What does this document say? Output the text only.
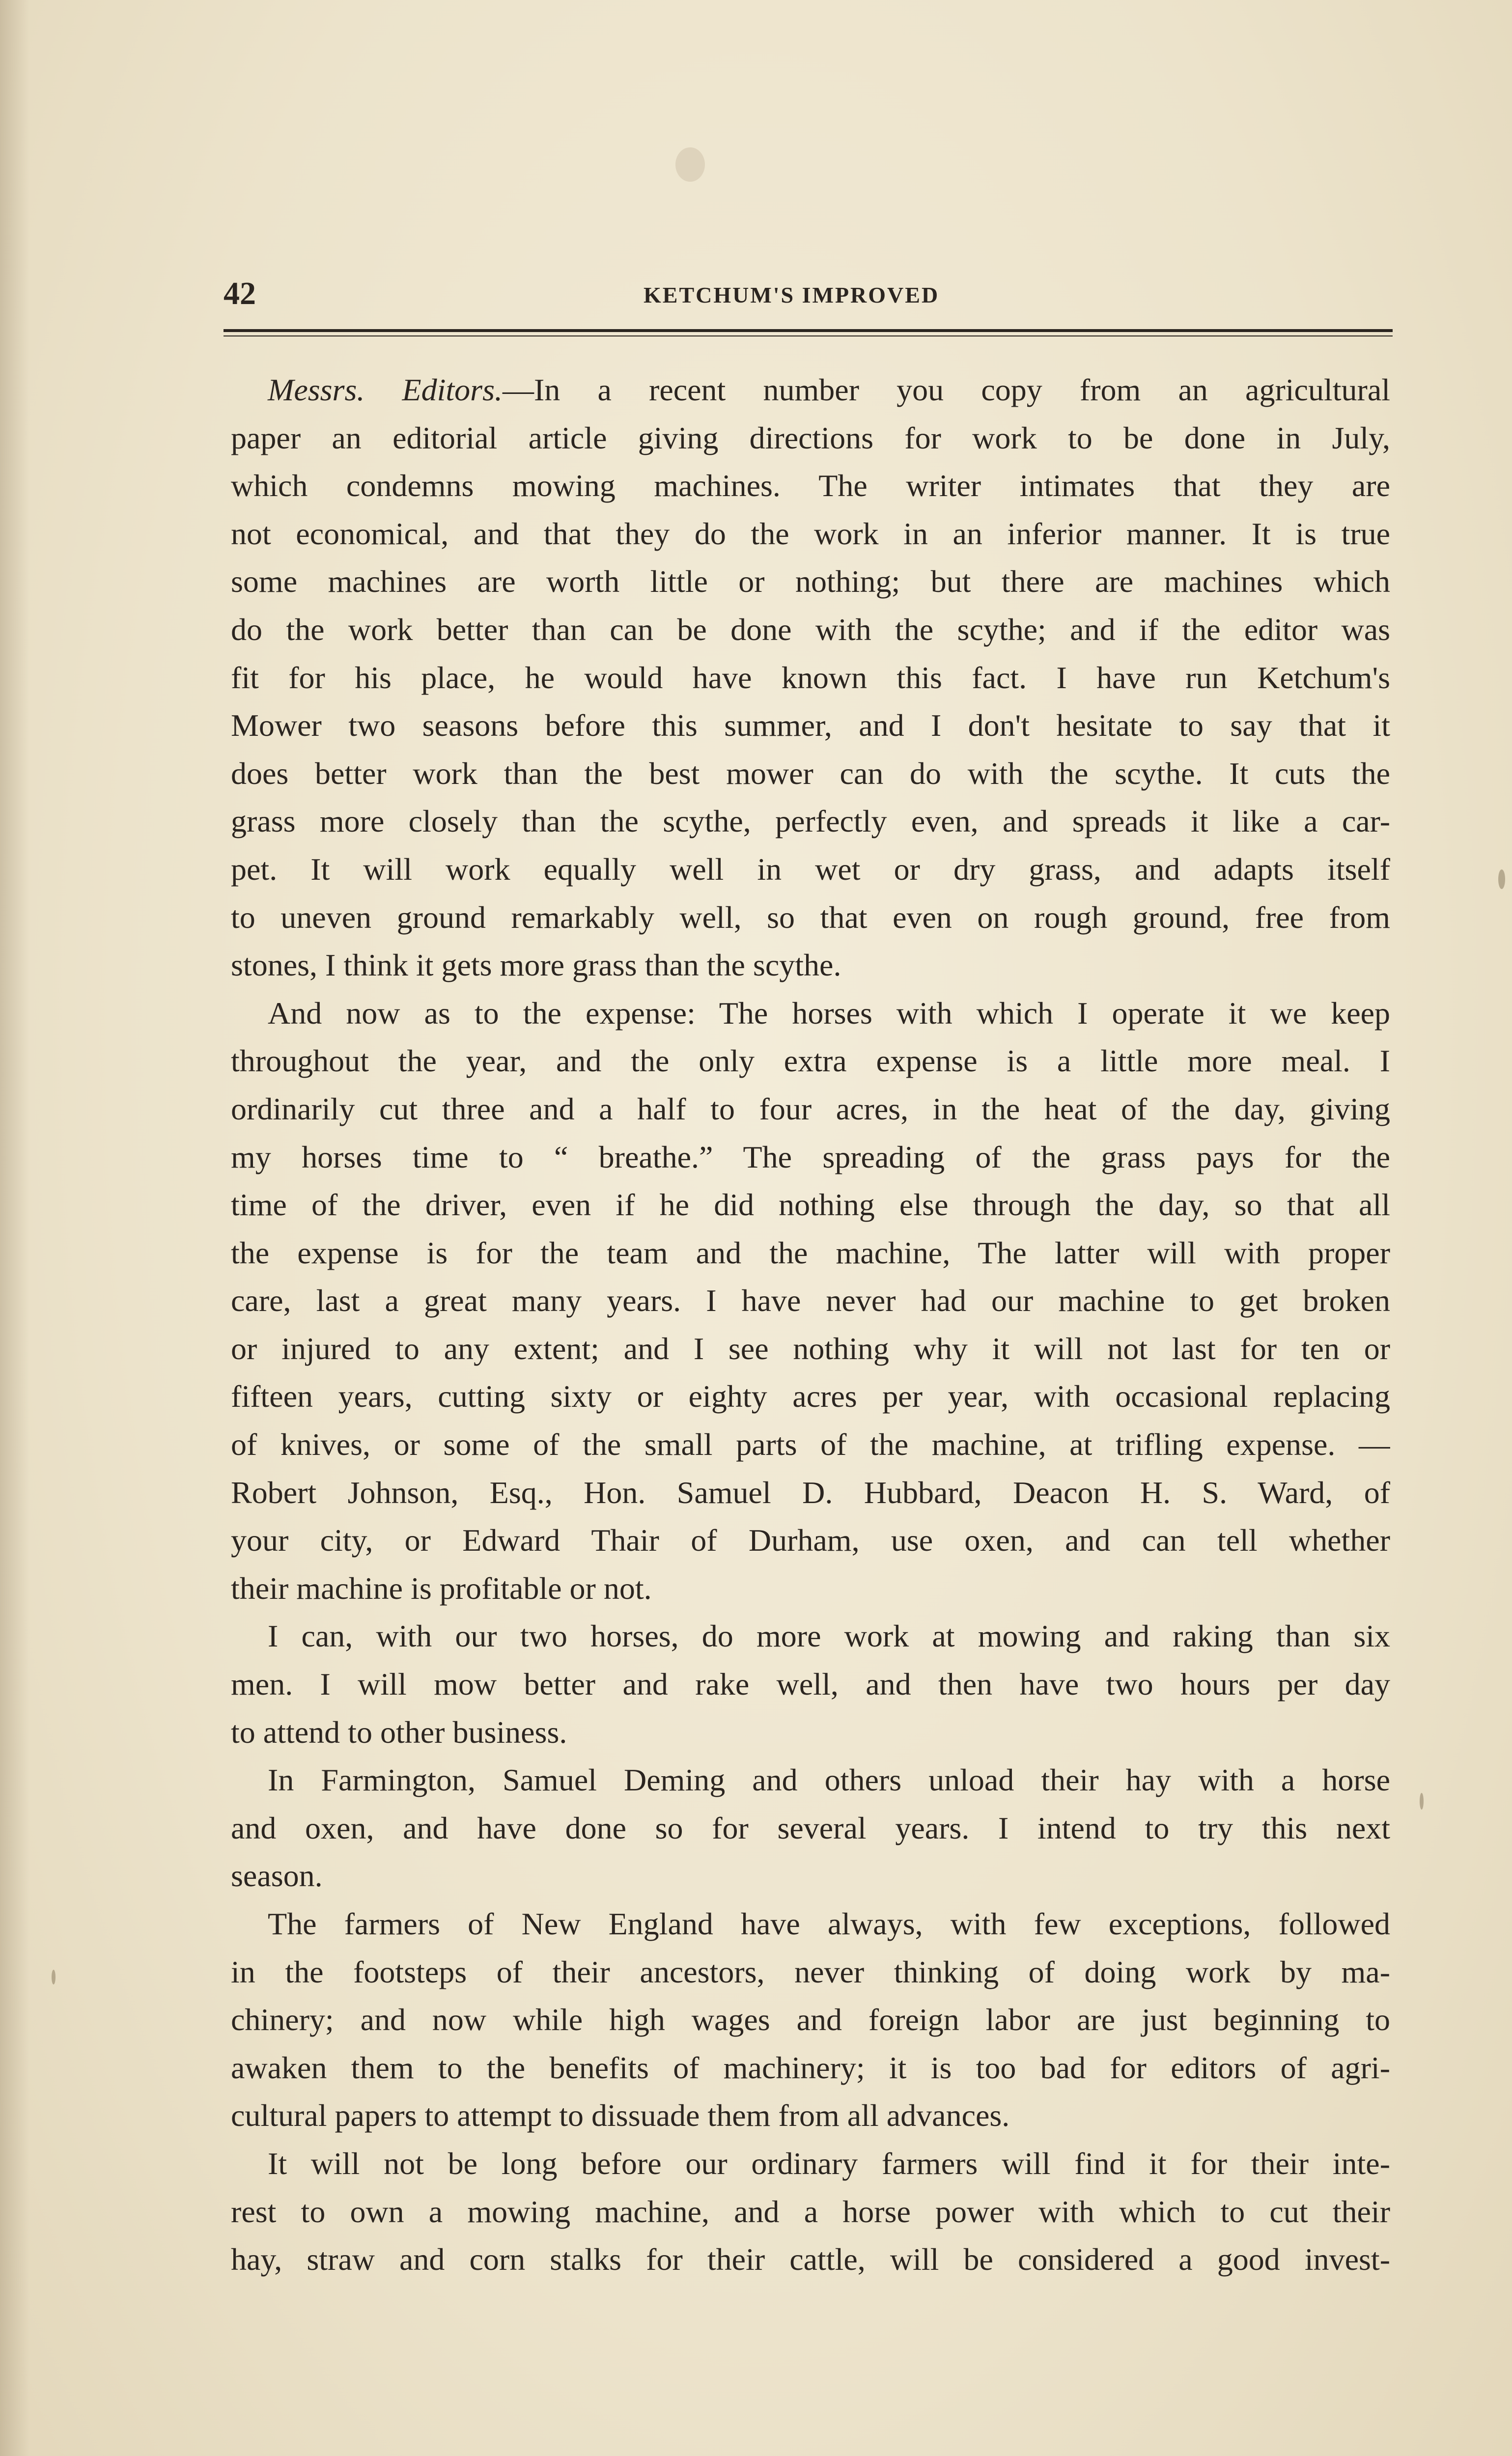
42	KETCHUM'S IMPROVED
Messrs. Editors.—In a recent number you copy from an agricultural
paper an editorial article giving directions for work to be done in July,
which condemns mowing machines. The writer intimates that they are
not economical, and that they do the work in an inferior manner. It is true
some machines are worth little or nothing; but there are machines which
do the work better than can be done with the scythe; and if the editor was
fit for his place, he would have known this fact. I have run Ketchum's
Mower two seasons before this summer, and I don't hesitate to say that it
does better work than the best mower can do with the scythe. It cuts the
grass more closely than the scythe, perfectly even, and spreads it like a car-
pet. It will work equally well in wet or dry grass, and adapts itself
to uneven ground remarkably well, so that even on rough ground, free from
stones, I think it gets more grass than the scythe.
And now as to the expense: The horses with which I operate it we keep
throughout the year, and the only extra expense is a little more meal. I
ordinarily cut three and a half to four acres, in the heat of the day, giving
my horses time to “ breathe.” The spreading of the grass pays for the
time of the driver, even if he did nothing else through the day, so that all
the expense is for the team and the machine, The latter will with proper
care, last a great many years. I have never had our machine to get broken
or injured to any extent; and I see nothing why it will not last for ten or
fifteen years, cutting sixty or eighty acres per year, with occasional replacing
of knives, or some of the small parts of the machine, at trifling expense. —
Robert Johnson, Esq., Hon. Samuel D. Hubbard, Deacon H. S. Ward, of
your city, or Edward Thair of Durham, use oxen, and can tell whether
their machine is profitable or not.
I can, with our two horses, do more work at mowing and raking than six
men. I will mow better and rake well, and then have two hours per day
to attend to other business.
In Farmington, Samuel Deming and others unload their hay with a horse
and oxen, and have done so for several years. I intend to try this next
season.
The farmers of New England have always, with few exceptions, followed
in the footsteps of their ancestors, never thinking of doing work by ma-
chinery; and now while high wages and foreign labor are just beginning to
awaken them to the benefits of machinery; it is too bad for editors of agri-
cultural papers to attempt to dissuade them from all advances.
It will not be long before our ordinary farmers will find it for their inte-
rest to own a mowing machine, and a horse power with which to cut their
hay, straw and corn stalks for their cattle, will be considered a good invest-
